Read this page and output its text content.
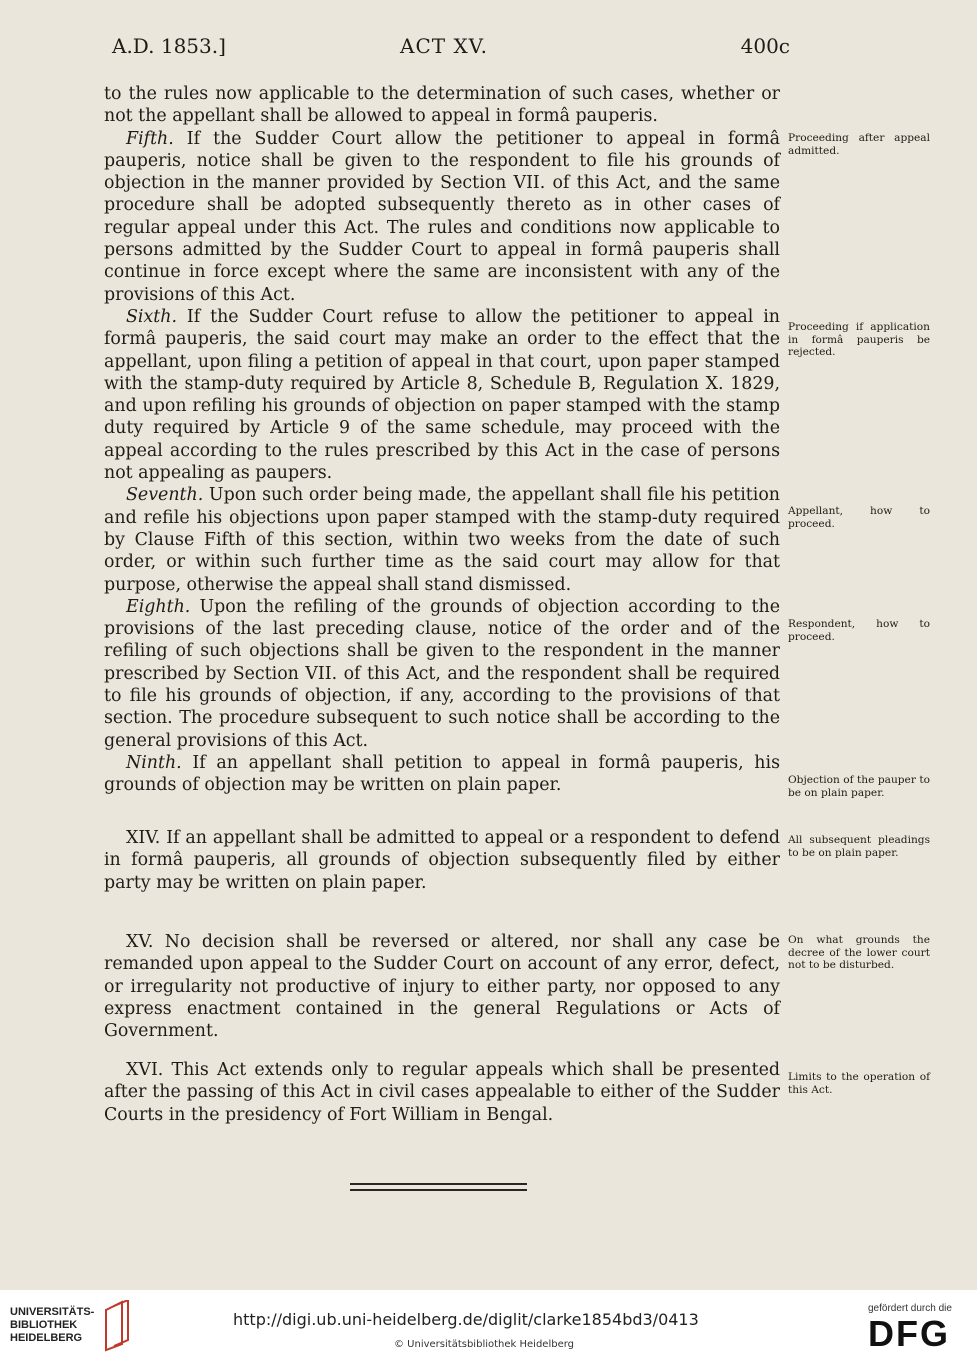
A.D. 1853.]	ACT XV.	400c

to the rules now applicable to the determination of such cases, whether or not the appellant shall be allowed to appeal in formâ pauperis.

Fifth. If the Sudder Court allow the petitioner to appeal in formâ pauperis, notice shall be given to the respondent to file his grounds of objection in the manner provided by Section VII. of this Act, and the same procedure shall be adopted subsequently thereto as in other cases of regular appeal under this Act. The rules and conditions now applicable to persons admitted by the Sudder Court to appeal in formâ pauperis shall continue in force except where the same are inconsistent with any of the provisions of this Act.

Sixth. If the Sudder Court refuse to allow the petitioner to appeal in formâ pauperis, the said court may make an order to the effect that the appellant, upon filing a petition of appeal in that court, upon paper stamped with the stamp-duty required by Article 8, Schedule B, Regulation X. 1829, and upon refiling his grounds of objection on paper stamped with the stamp duty required by Article 9 of the same schedule, may proceed with the appeal according to the rules prescribed by this Act in the case of persons not appealing as paupers.

Seventh. Upon such order being made, the appellant shall file his petition and refile his objections upon paper stamped with the stamp-duty required by Clause Fifth of this section, within two weeks from the date of such order, or within such further time as the said court may allow for that purpose, otherwise the appeal shall stand dismissed.

Eighth. Upon the refiling of the grounds of objection according to the provisions of the last preceding clause, notice of the order and of the refiling of such objections shall be given to the respondent in the manner prescribed by Section VII. of this Act, and the respondent shall be required to file his grounds of objection, if any, according to the provisions of that section. The procedure subsequent to such notice shall be according to the general provisions of this Act.

Ninth. If an appellant shall petition to appeal in formâ pauperis, his grounds of objection may be written on plain paper.

XIV. If an appellant shall be admitted to appeal or a respondent to defend in formâ pauperis, all grounds of objection subsequently filed by either party may be written on plain paper.

XV. No decision shall be reversed or altered, nor shall any case be remanded upon appeal to the Sudder Court on account of any error, defect, or irregularity not productive of injury to either party, nor opposed to any express enactment contained in the general Regulations or Acts of Government.

XVI. This Act extends only to regular appeals which shall be presented after the passing of this Act in civil cases appealable to either of the Sudder Courts in the presidency of Fort William in Bengal.

Proceeding after appeal admitted.
Proceeding if application in formâ pauperis be rejected.
Appellant, how to proceed.
Respondent, how to proceed.
Objection of the pauper to be on plain paper.
All subsequent pleadings to be on plain paper.
On what grounds the decree of the lower court not to be disturbed.
Limits to the operation of this Act.
UNIVERSITÄTS-
BIBLIOTHEK
HEIDELBERG
http://digi.ub.uni-heidelberg.de/diglit/clarke1854bd3/0413
© Universitätsbibliothek Heidelberg
gefördert durch die
DFG
